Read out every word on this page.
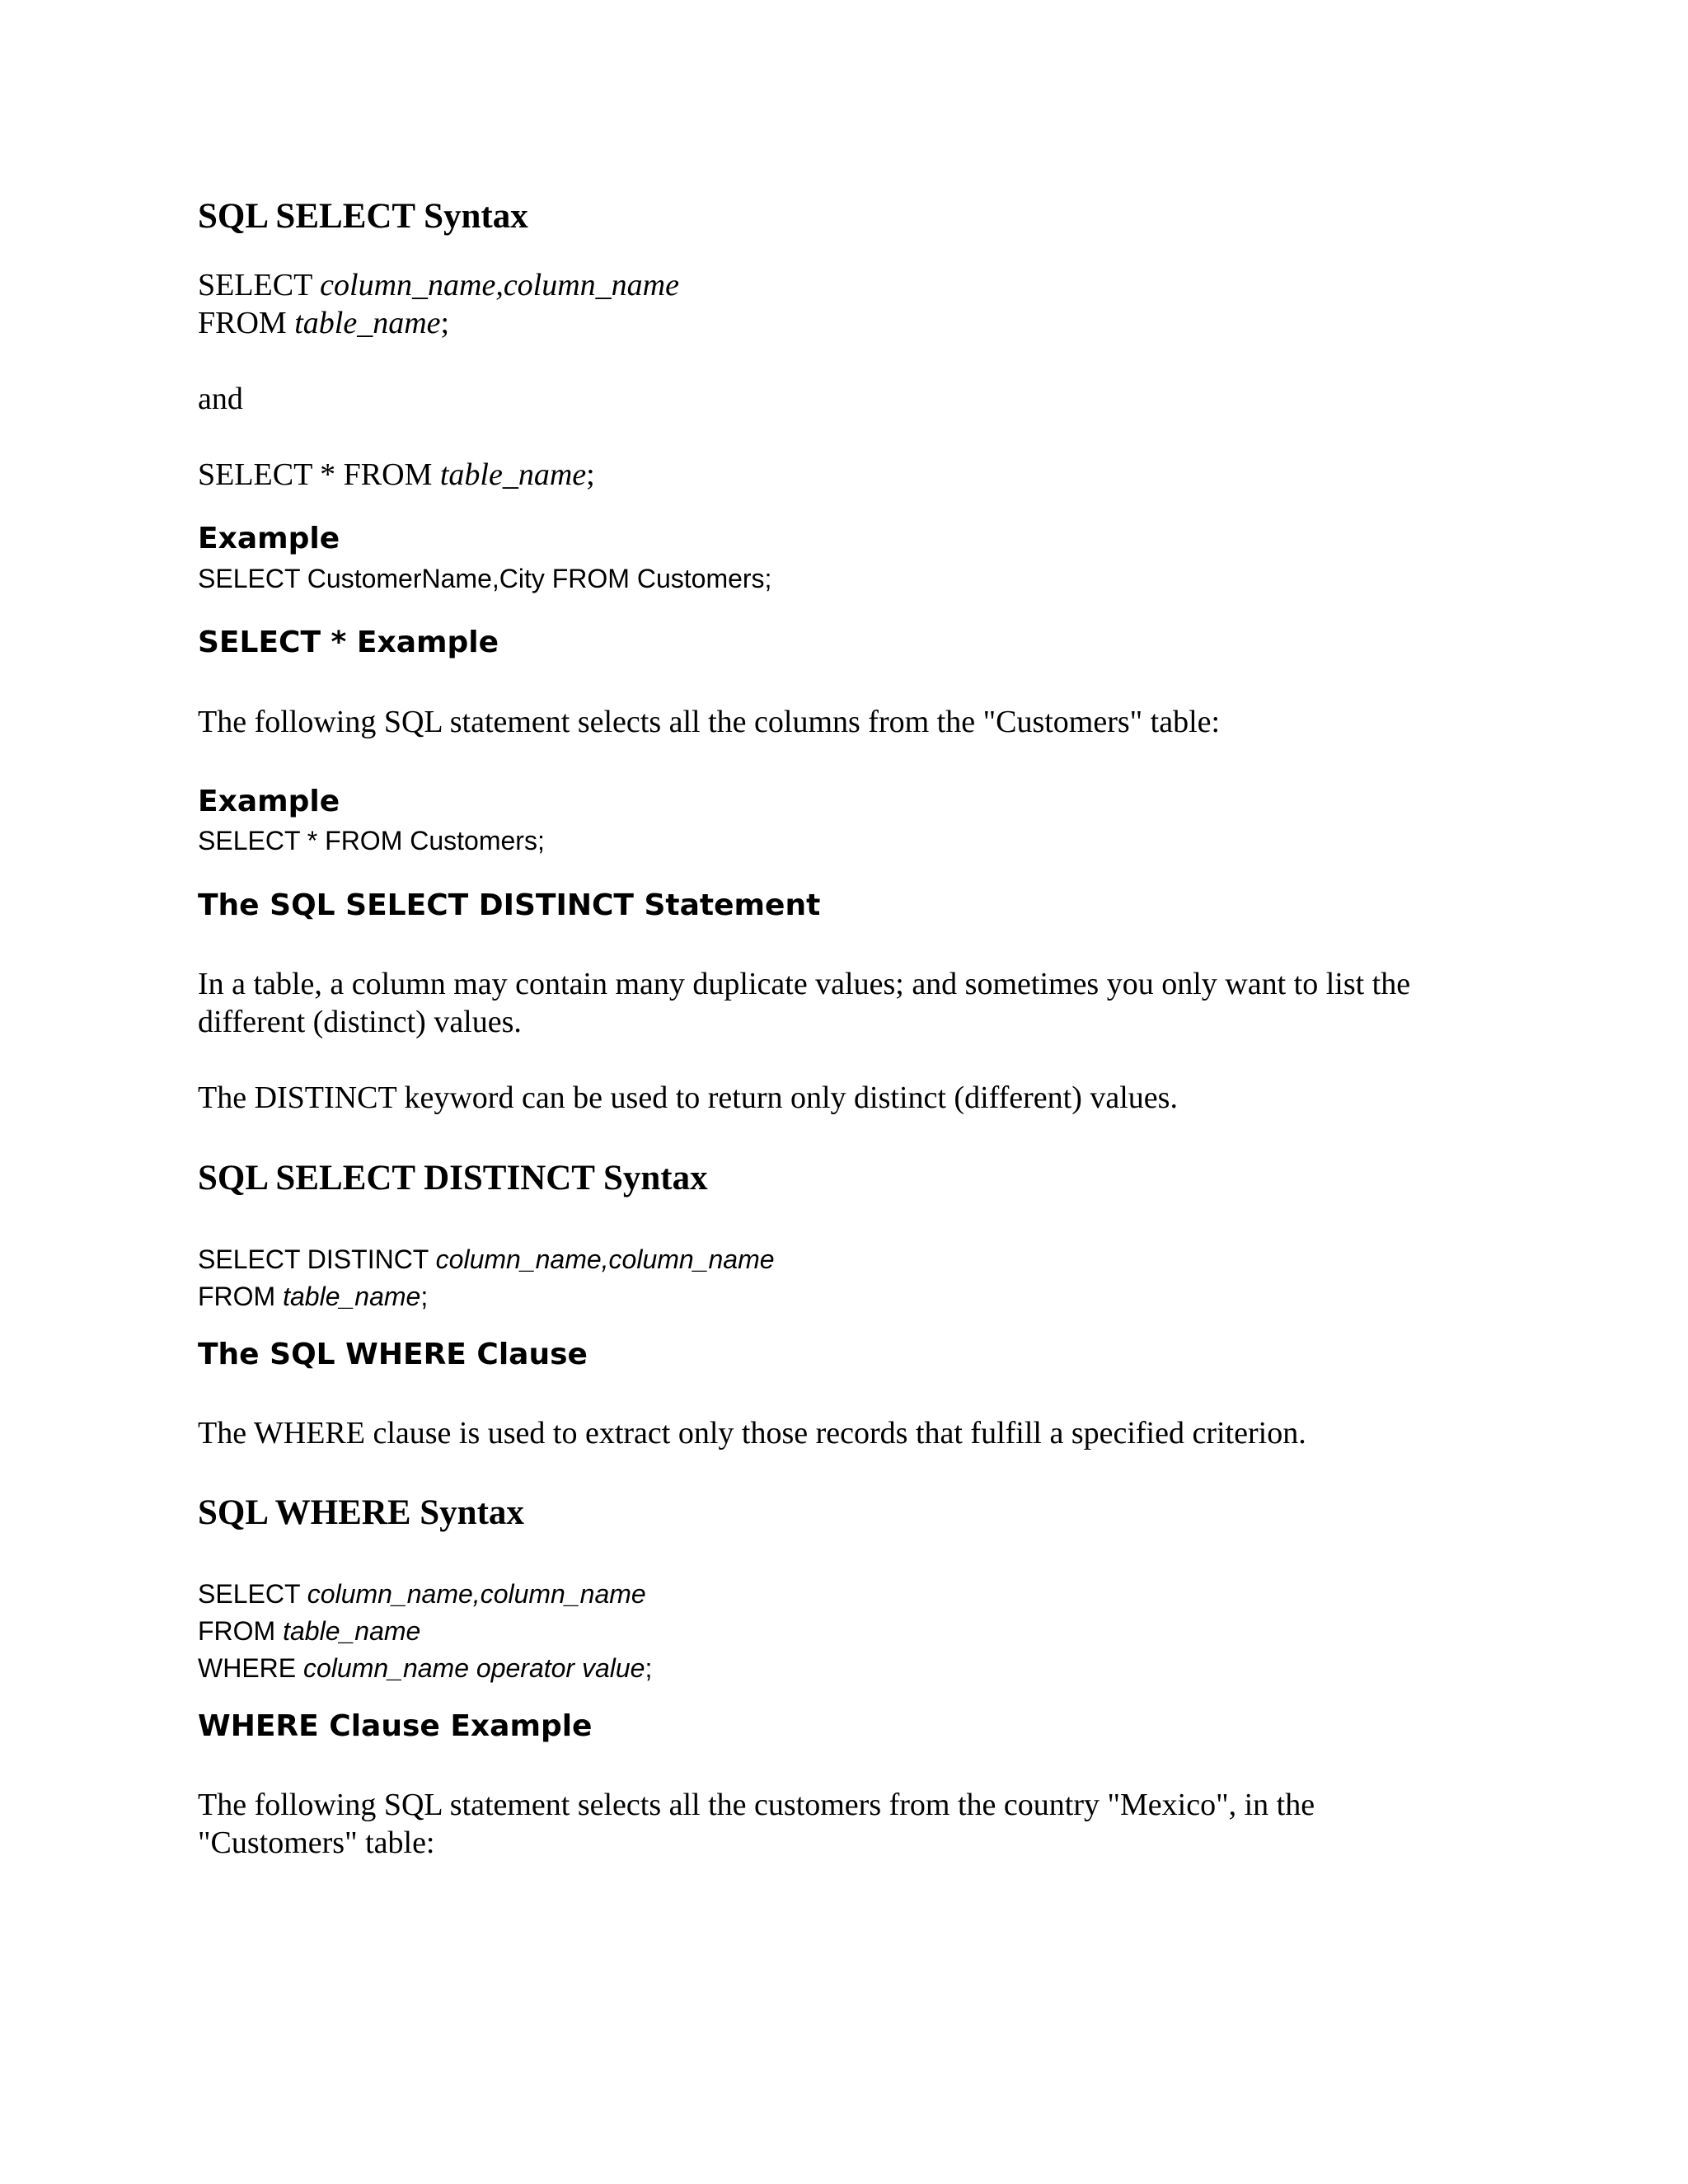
SQL SELECT Syntax
SELECT column_name,column_name
FROM table_name;

and

SELECT * FROM table_name;

Example
SELECT CustomerName,City FROM Customers;
SELECT * Example

The following SQL statement selects all the columns from the "Customers" table:

Example
SELECT * FROM Customers;
The SQL SELECT DISTINCT Statement
In a table, a column may contain many duplicate values; and sometimes you only want to list the
different (distinct) values.

The DISTINCT keyword can be used to return only distinct (different) values.

SQL SELECT DISTINCT Syntax
SELECT DISTINCT column_name,column_name
FROM table_name;
The SQL WHERE Clause

The WHERE clause is used to extract only those records that fulfill a specified criterion.

SQL WHERE Syntax
SELECT column_name,column_name
FROM table_name
WHERE column_name operator value;
WHERE Clause Example
The following SQL statement selects all the customers from the country "Mexico", in the
"Customers" table:
